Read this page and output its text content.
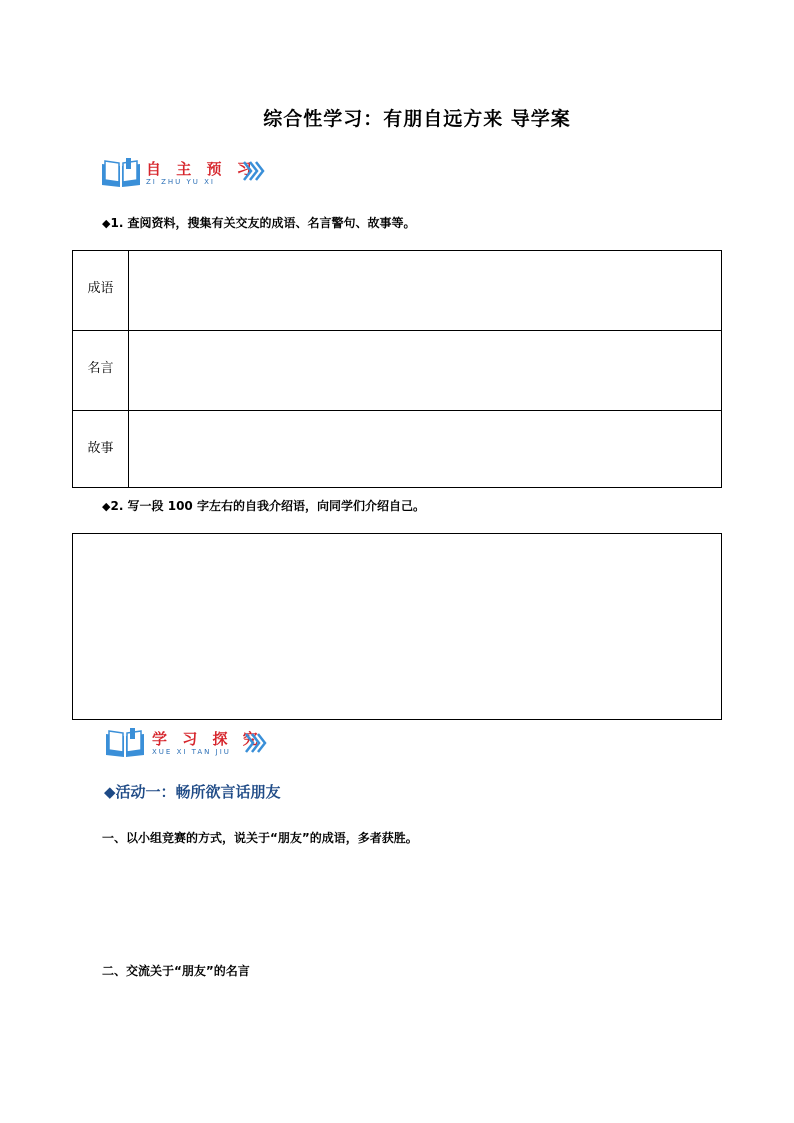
综合性学习：有朋自远方来 导学案
自 主 预 习
ZI ZHU YU XI
◆1. 查阅资料，搜集有关交友的成语、名言警句、故事等。
成语	
名言	
故事	
◆2. 写一段 100 字左右的自我介绍语，向同学们介绍自己。
学 习 探 究
XUE XI TAN JIU
◆活动一：畅所欲言话朋友
一、以小组竞赛的方式，说关于“朋友”的成语，多者获胜。
二、交流关于“朋友”的名言
